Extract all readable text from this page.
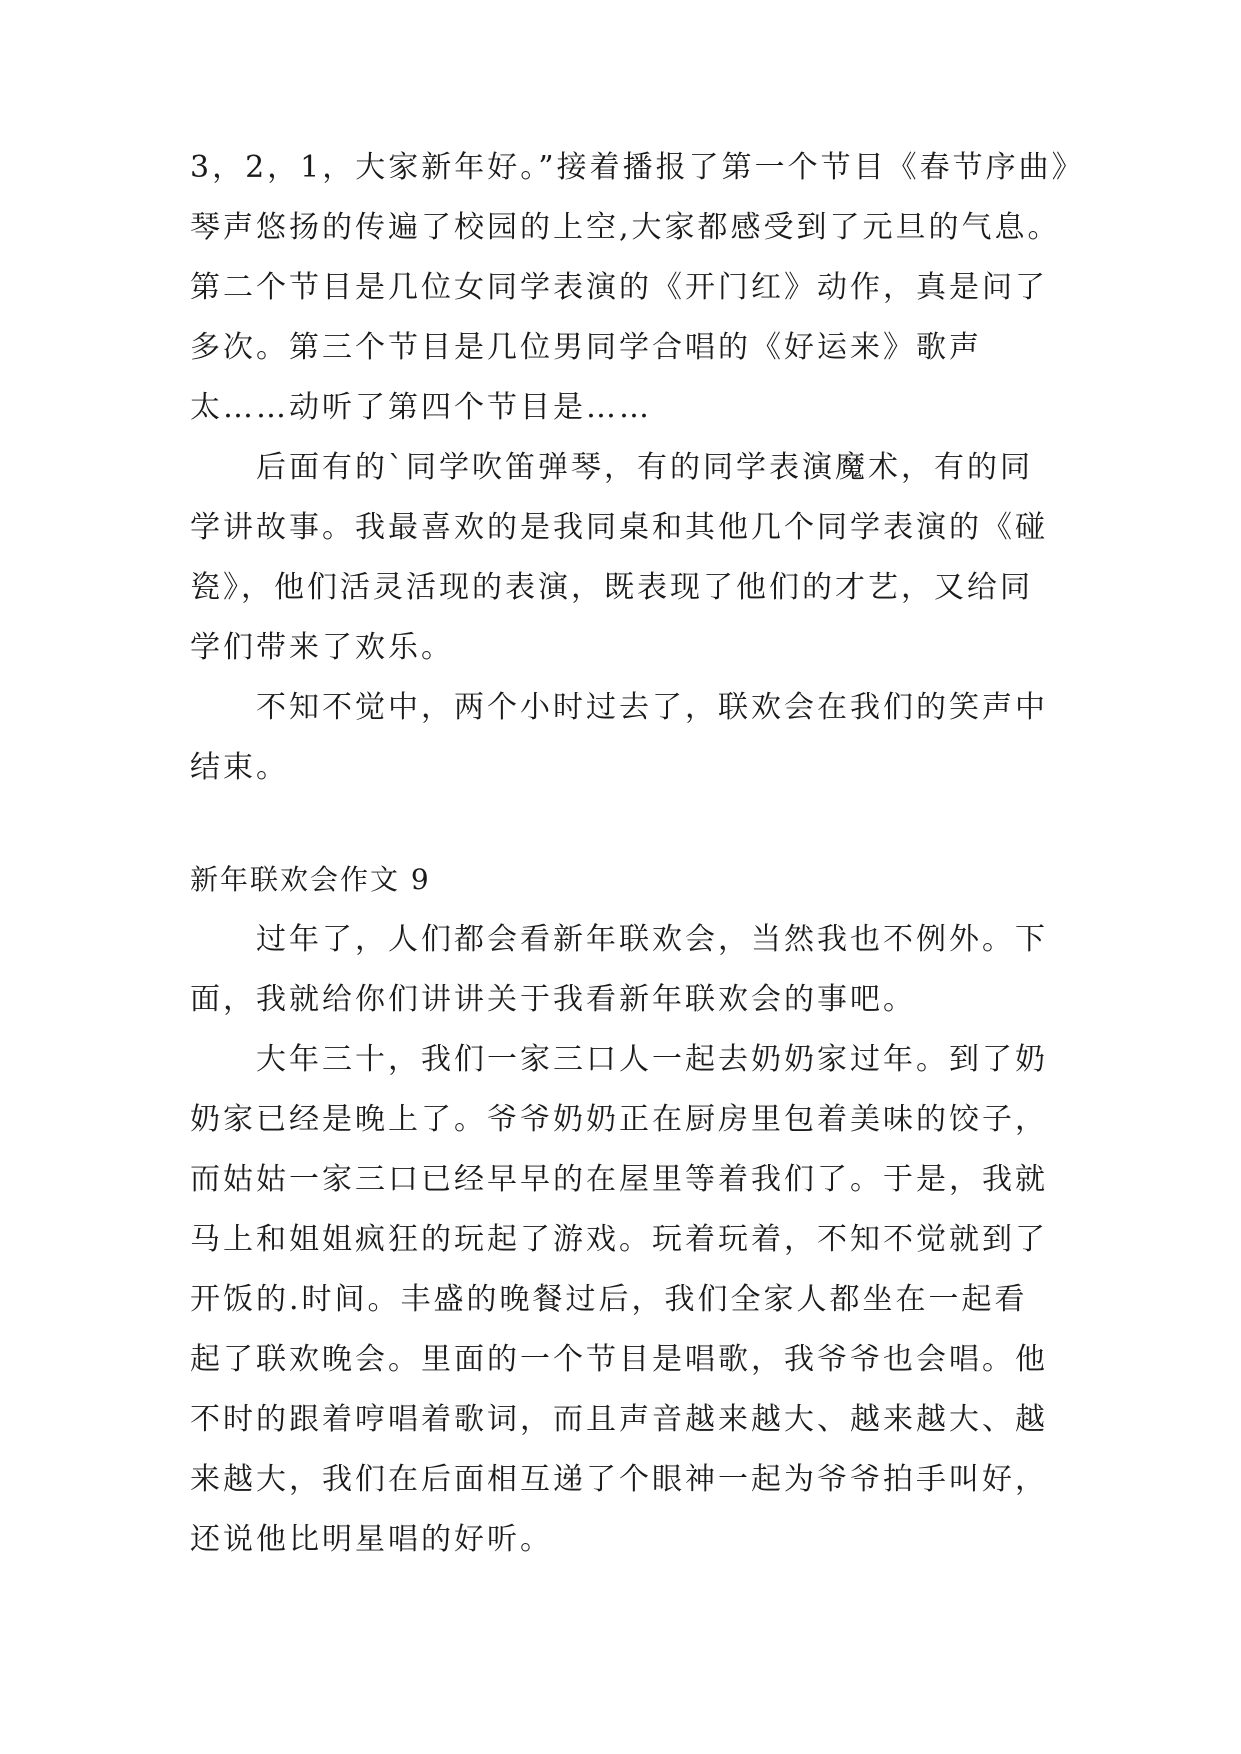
3，2，1，大家新年好。”接着播报了第一个节目《春节序曲》
琴声悠扬的传遍了校园的上空,大家都感受到了元旦的气息。
第二个节目是几位女同学表演的《开门红》动作，真是问了
多次。第三个节目是几位男同学合唱的《好运来》歌声
太……动听了第四个节目是……
后面有的`同学吹笛弹琴，有的同学表演魔术，有的同
学讲故事。我最喜欢的是我同桌和其他几个同学表演的《碰
瓷》，他们活灵活现的表演，既表现了他们的才艺，又给同
学们带来了欢乐。
不知不觉中，两个小时过去了，联欢会在我们的笑声中
结束。
新年联欢会作文 9
过年了，人们都会看新年联欢会，当然我也不例外。下
面，我就给你们讲讲关于我看新年联欢会的事吧。
大年三十，我们一家三口人一起去奶奶家过年。到了奶
奶家已经是晚上了。爷爷奶奶正在厨房里包着美味的饺子，
而姑姑一家三口已经早早的在屋里等着我们了。于是，我就
马上和姐姐疯狂的玩起了游戏。玩着玩着，不知不觉就到了
开饭的.时间。丰盛的晚餐过后，我们全家人都坐在一起看
起了联欢晚会。里面的一个节目是唱歌，我爷爷也会唱。他
不时的跟着哼唱着歌词，而且声音越来越大、越来越大、越
来越大，我们在后面相互递了个眼神一起为爷爷拍手叫好，
还说他比明星唱的好听。
